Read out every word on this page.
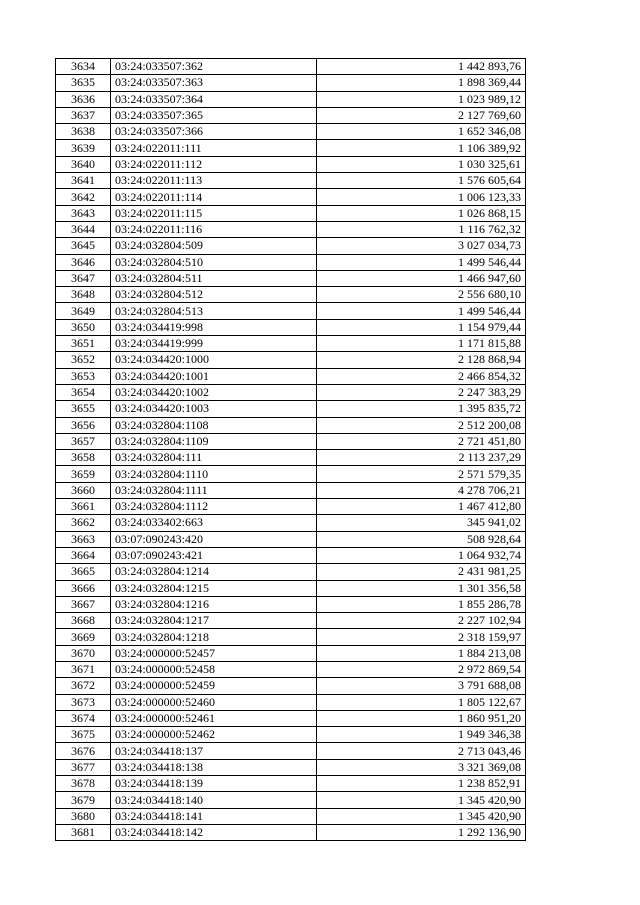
3634	03:24:033507:362	1 442 893,76
3635	03:24:033507:363	1 898 369,44
3636	03:24:033507:364	1 023 989,12
3637	03:24:033507:365	2 127 769,60
3638	03:24:033507:366	1 652 346,08
3639	03:24:022011:111	1 106 389,92
3640	03:24:022011:112	1 030 325,61
3641	03:24:022011:113	1 576 605,64
3642	03:24:022011:114	1 006 123,33
3643	03:24:022011:115	1 026 868,15
3644	03:24:022011:116	1 116 762,32
3645	03:24:032804:509	3 027 034,73
3646	03:24:032804:510	1 499 546,44
3647	03:24:032804:511	1 466 947,60
3648	03:24:032804:512	2 556 680,10
3649	03:24:032804:513	1 499 546,44
3650	03:24:034419:998	1 154 979,44
3651	03:24:034419:999	1 171 815,88
3652	03:24:034420:1000	2 128 868,94
3653	03:24:034420:1001	2 466 854,32
3654	03:24:034420:1002	2 247 383,29
3655	03:24:034420:1003	1 395 835,72
3656	03:24:032804:1108	2 512 200,08
3657	03:24:032804:1109	2 721 451,80
3658	03:24:032804:111	2 113 237,29
3659	03:24:032804:1110	2 571 579,35
3660	03:24:032804:1111	4 278 706,21
3661	03:24:032804:1112	1 467 412,80
3662	03:24:033402:663	345 941,02
3663	03:07:090243:420	508 928,64
3664	03:07:090243:421	1 064 932,74
3665	03:24:032804:1214	2 431 981,25
3666	03:24:032804:1215	1 301 356,58
3667	03:24:032804:1216	1 855 286,78
3668	03:24:032804:1217	2 227 102,94
3669	03:24:032804:1218	2 318 159,97
3670	03:24:000000:52457	1 884 213,08
3671	03:24:000000:52458	2 972 869,54
3672	03:24:000000:52459	3 791 688,08
3673	03:24:000000:52460	1 805 122,67
3674	03:24:000000:52461	1 860 951,20
3675	03:24:000000:52462	1 949 346,38
3676	03:24:034418:137	2 713 043,46
3677	03:24:034418:138	3 321 369,08
3678	03:24:034418:139	1 238 852,91
3679	03:24:034418:140	1 345 420,90
3680	03:24:034418:141	1 345 420,90
3681	03:24:034418:142	1 292 136,90
